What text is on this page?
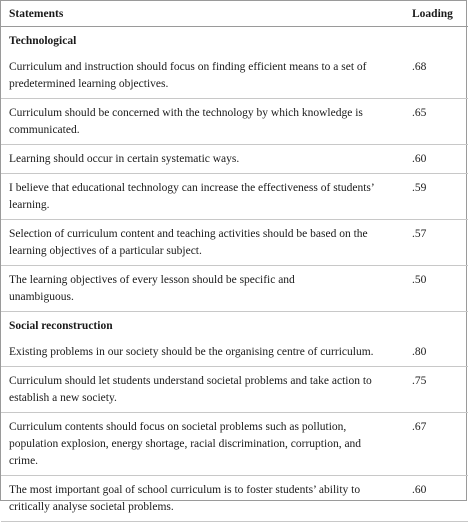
Statements	Loading
Technological	
Curriculum and instruction should focus on finding efficient means to a set of predetermined learning objectives.	.68
Curriculum should be concerned with the technology by which knowledge is communicated.	.65
Learning should occur in certain systematic ways.	.60
I believe that educational technology can increase the effectiveness of students’ learning.	.59
Selection of curriculum content and teaching activities should be based on the learning objectives of a particular subject.	.57
The learning objectives of every lesson should be specific and unambiguous.	.50
Social reconstruction	
Existing problems in our society should be the organising centre of curriculum.	.80
Curriculum should let students understand societal problems and take action to establish a new society.	.75
Curriculum contents should focus on societal problems such as pollution, population explosion, energy shortage, racial discrimination, corruption, and crime.	.67
The most important goal of school curriculum is to foster students’ ability to critically analyse societal problems.	.60
